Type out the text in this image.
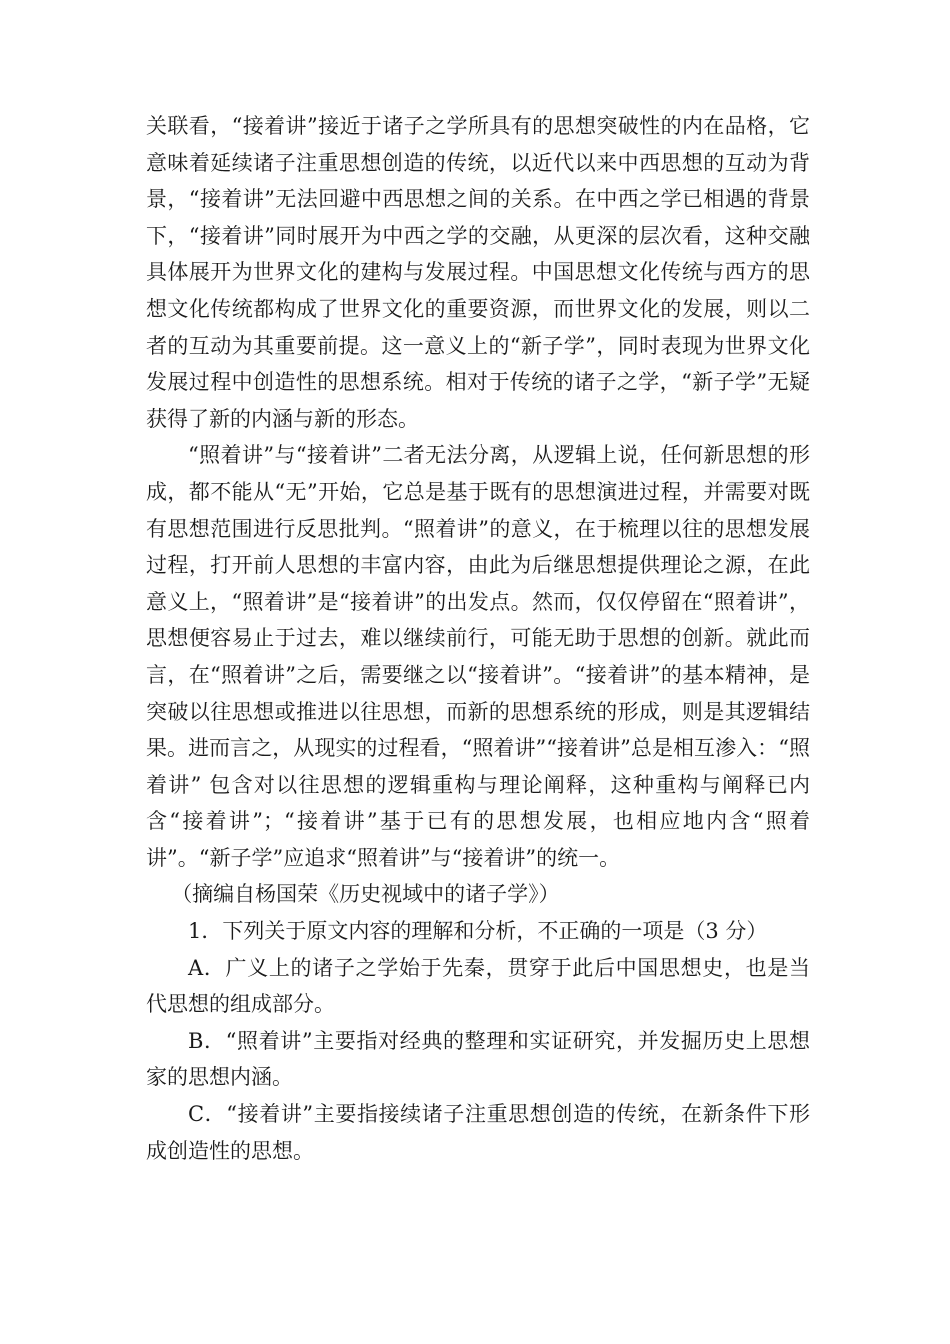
关联看，“接着讲”接近于诸子之学所具有的思想突破性的内在品格，它意味着延续诸子注重思想创造的传统，以近代以来中西思想的互动为背景，“接着讲”无法回避中西思想之间的关系。在中西之学已相遇的背景下，“接着讲”同时展开为中西之学的交融，从更深的层次看，这种交融具体展开为世界文化的建构与发展过程。中国思想文化传统与西方的思想文化传统都构成了世界文化的重要资源，而世界文化的发展，则以二者的互动为其重要前提。这一意义上的“新子学”，同时表现为世界文化发展过程中创造性的思想系统。相对于传统的诸子之学，“新子学”无疑获得了新的内涵与新的形态。

“照着讲”与“接着讲”二者无法分离，从逻辑上说，任何新思想的形成，都不能从“无”开始，它总是基于既有的思想演进过程，并需要对既有思想范围进行反思批判。“照着讲”的意义，在于梳理以往的思想发展过程，打开前人思想的丰富内容，由此为后继思想提供理论之源，在此意义上，“照着讲”是“接着讲”的出发点。然而，仅仅停留在“照着讲”，思想便容易止于过去，难以继续前行，可能无助于思想的创新。就此而言，在“照着讲”之后，需要继之以“接着讲”。“接着讲”的基本精神，是突破以往思想或推进以往思想，而新的思想系统的形成，则是其逻辑结果。进而言之，从现实的过程看，“照着讲”“接着讲”总是相互渗入：“照着讲” 包含对以往思想的逻辑重构与理论阐释，这种重构与阐释已内含“接着讲”；“接着讲”基于已有的思想发展，也相应地内含“照着讲”。“新子学”应追求“照着讲”与“接着讲”的统一。

（摘编自杨国荣《历史视域中的诸子学》）

1．下列关于原文内容的理解和分析，不正确的一项是（3 分）

A．广义上的诸子之学始于先秦，贯穿于此后中国思想史，也是当代思想的组成部分。

B．“照着讲”主要指对经典的整理和实证研究，并发掘历史上思想家的思想内涵。

C．“接着讲”主要指接续诸子注重思想创造的传统，在新条件下形成创造性的思想。
